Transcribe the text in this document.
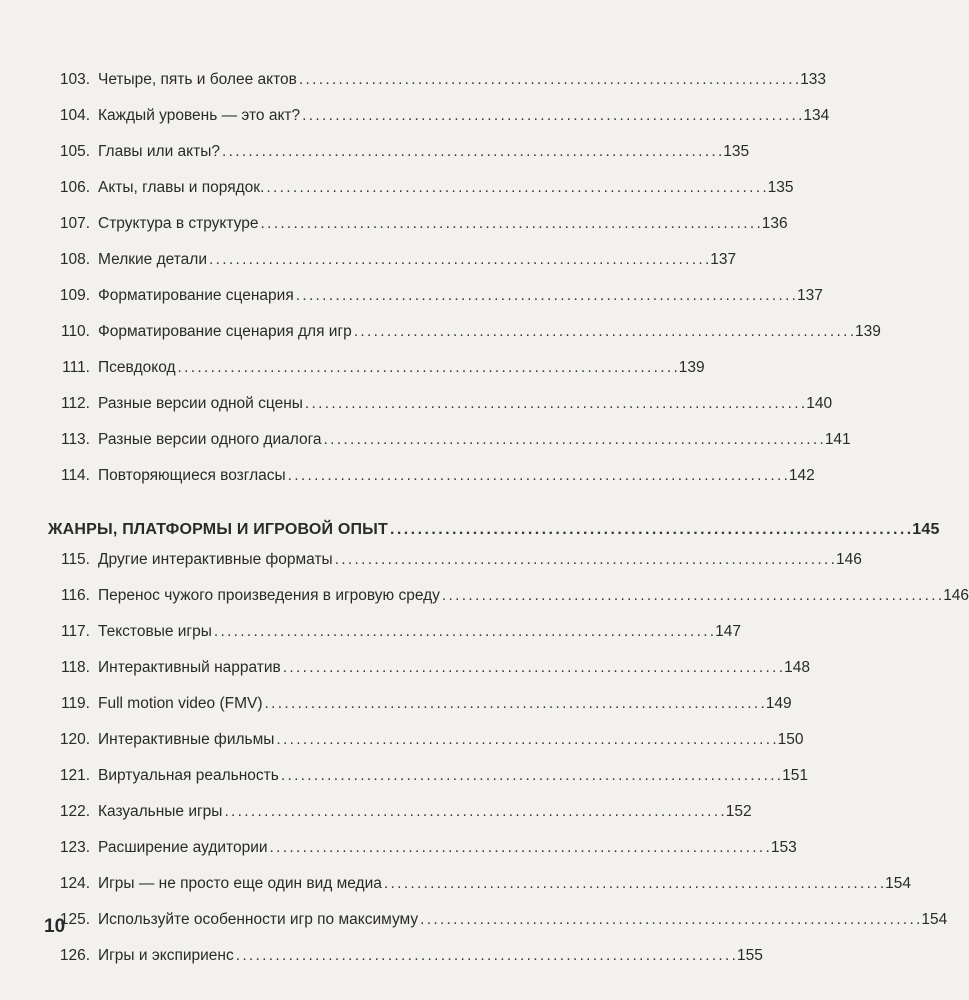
103. Четыре, пять и более актов . . .	133
104. Каждый уровень — это акт? . . .	134
105. Главы или акты? . . .	135
106. Акты, главы и порядок. . . .	135
107. Структура в структуре . . .	136
108. Мелкие детали . . .	137
109. Форматирование сценария . . .	137
110. Форматирование сценария для игр . . .	139
111. Псевдокод . . .	139
112. Разные версии одной сцены . . .	140
113. Разные версии одного диалога . . .	141
114. Повторяющиеся возгласы . . .	142
ЖАНРЫ, ПЛАТФОРМЫ И ИГРОВОЙ ОПЫТ . . .	145
115. Другие интерактивные форматы . . .	146
116. Перенос чужого произведения в игровую среду . . .	146
117. Текстовые игры . . .	147
118. Интерактивный нарратив . . .	148
119. Full motion video (FMV) . . .	149
120. Интерактивные фильмы . . .	150
121. Виртуальная реальность . . .	151
122. Казуальные игры . . .	152
123. Расширение аудитории . . .	153
124. Игры — не просто еще один вид медиа . . .	154
125. Используйте особенности игр по максимуму . . .	154
126. Игры и экспириенс . . .	155
10
